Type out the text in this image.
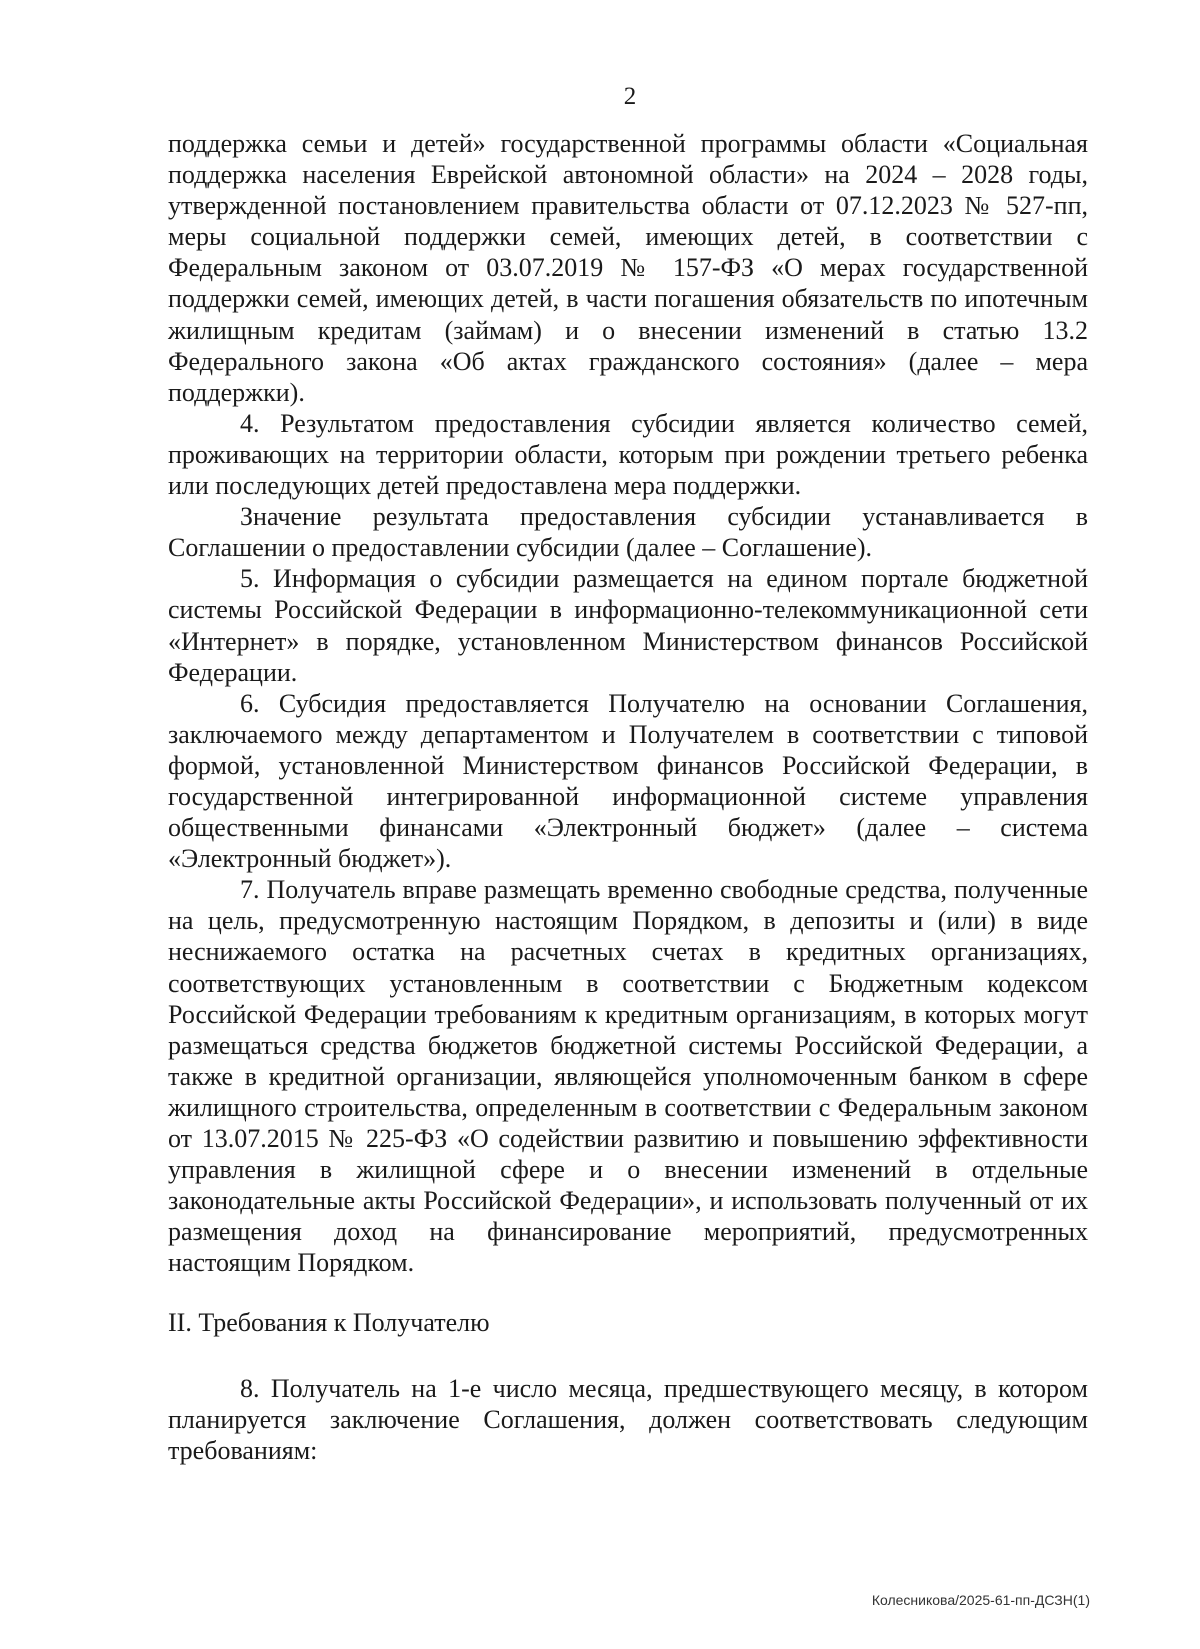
2

поддержка семьи и детей» государственной программы области «Социальная поддержка населения Еврейской автономной области» на 2024 – 2028 годы, утвержденной постановлением правительства области от 07.12.2023 № 527-пп, меры социальной поддержки семей, имеющих детей, в соответствии с Федеральным законом от 03.07.2019 № 157-ФЗ «О мерах государственной поддержки семей, имеющих детей, в части погашения обязательств по ипотечным жилищным кредитам (займам) и о внесении изменений в статью 13.2 Федерального закона «Об актах гражданского состояния» (далее – мера поддержки).

4. Результатом предоставления субсидии является количество семей, проживающих на территории области, которым при рождении третьего ребенка или последующих детей предоставлена мера поддержки.

Значение результата предоставления субсидии устанавливается в Соглашении о предоставлении субсидии (далее – Соглашение).

5. Информация о субсидии размещается на едином портале бюджетной системы Российской Федерации в информационно-телекоммуникационной сети «Интернет» в порядке, установленном Министерством финансов Российской Федерации.

6. Субсидия предоставляется Получателю на основании Соглашения, заключаемого между департаментом и Получателем в соответствии с типовой формой, установленной Министерством финансов Российской Федерации, в государственной интегрированной информационной системе управления общественными финансами «Электронный бюджет» (далее – система «Электронный бюджет»).

7. Получатель вправе размещать временно свободные средства, полученные на цель, предусмотренную настоящим Порядком, в депозиты и (или) в виде неснижаемого остатка на расчетных счетах в кредитных организациях, соответствующих установленным в соответствии с Бюджетным кодексом Российской Федерации требованиям к кредитным организациям, в которых могут размещаться средства бюджетов бюджетной системы Российской Федерации, а также в кредитной организации, являющейся уполномоченным банком в сфере жилищного строительства, определенным в соответствии с Федеральным законом от 13.07.2015 № 225-ФЗ «О содействии развитию и повышению эффективности управления в жилищной сфере и о внесении изменений в отдельные законодательные акты Российской Федерации», и использовать полученный от их размещения доход на финансирование мероприятий, предусмотренных настоящим Порядком.

II. Требования к Получателю

8. Получатель на 1-е число месяца, предшествующего месяцу, в котором планируется заключение Соглашения, должен соответствовать следующим требованиям:

Колесникова/2025-61-пп-ДСЗН(1)
